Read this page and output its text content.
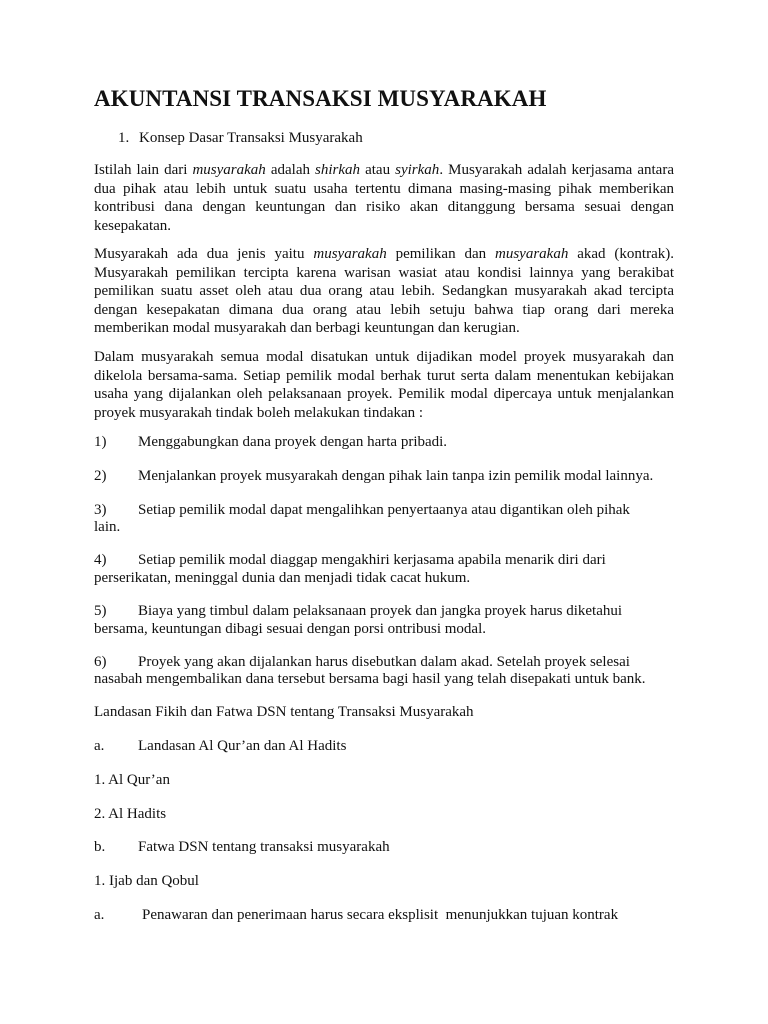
AKUNTANSI TRANSAKSI MUSYARAKAH
1. Konsep Dasar Transaksi Musyarakah

Istilah lain dari musyarakah adalah shirkah atau syirkah. Musyarakah adalah kerjasama antara dua pihak atau lebih untuk suatu usaha tertentu dimana masing-masing pihak memberikan kontribusi dana dengan keuntungan dan risiko akan ditanggung bersama sesuai dengan kesepakatan.

Musyarakah ada dua jenis yaitu musyarakah pemilikan dan musyarakah akad (kontrak). Musyarakah pemilikan tercipta karena warisan wasiat atau kondisi lainnya yang berakibat pemilikan suatu asset oleh atau dua orang atau lebih. Sedangkan musyarakah akad tercipta dengan kesepakatan dimana dua orang atau lebih setuju bahwa tiap orang dari mereka memberikan modal musyarakah dan berbagi keuntungan dan kerugian.

Dalam musyarakah semua modal disatukan untuk dijadikan model proyek musyarakah dan dikelola bersama-sama. Setiap pemilik modal berhak turut serta dalam menentukan kebijakan usaha yang dijalankan oleh pelaksanaan proyek. Pemilik modal dipercaya untuk menjalankan proyek musyarakah tindak boleh melakukan tindakan :

1) Menggabungkan dana proyek dengan harta pribadi.
2) Menjalankan proyek musyarakah dengan pihak lain tanpa izin pemilik modal lainnya.
3) Setiap pemilik modal dapat mengalihkan penyertaanya atau digantikan oleh pihak
lain.
4) Setiap pemilik modal diaggap mengakhiri kerjasama apabila menarik diri dari
perserikatan, meninggal dunia dan menjadi tidak cacat hukum.
5) Biaya yang timbul dalam pelaksanaan proyek dan jangka proyek harus diketahui
bersama, keuntungan dibagi sesuai dengan porsi ontribusi modal.
6) Proyek yang akan dijalankan harus disebutkan dalam akad. Setelah proyek selesai
nasabah mengembalikan dana tersebut bersama bagi hasil yang telah disepakati untuk bank.
Landasan Fikih dan Fatwa DSN tentang Transaksi Musyarakah
a. Landasan Al Qur’an dan Al Hadits
1. Al Qur’an
2. Al Hadits
b. Fatwa DSN tentang transaksi musyarakah
1. Ijab dan Qobul
a.	Penawaran dan penerimaan harus secara eksplisit  menunjukkan tujuan kontrak
